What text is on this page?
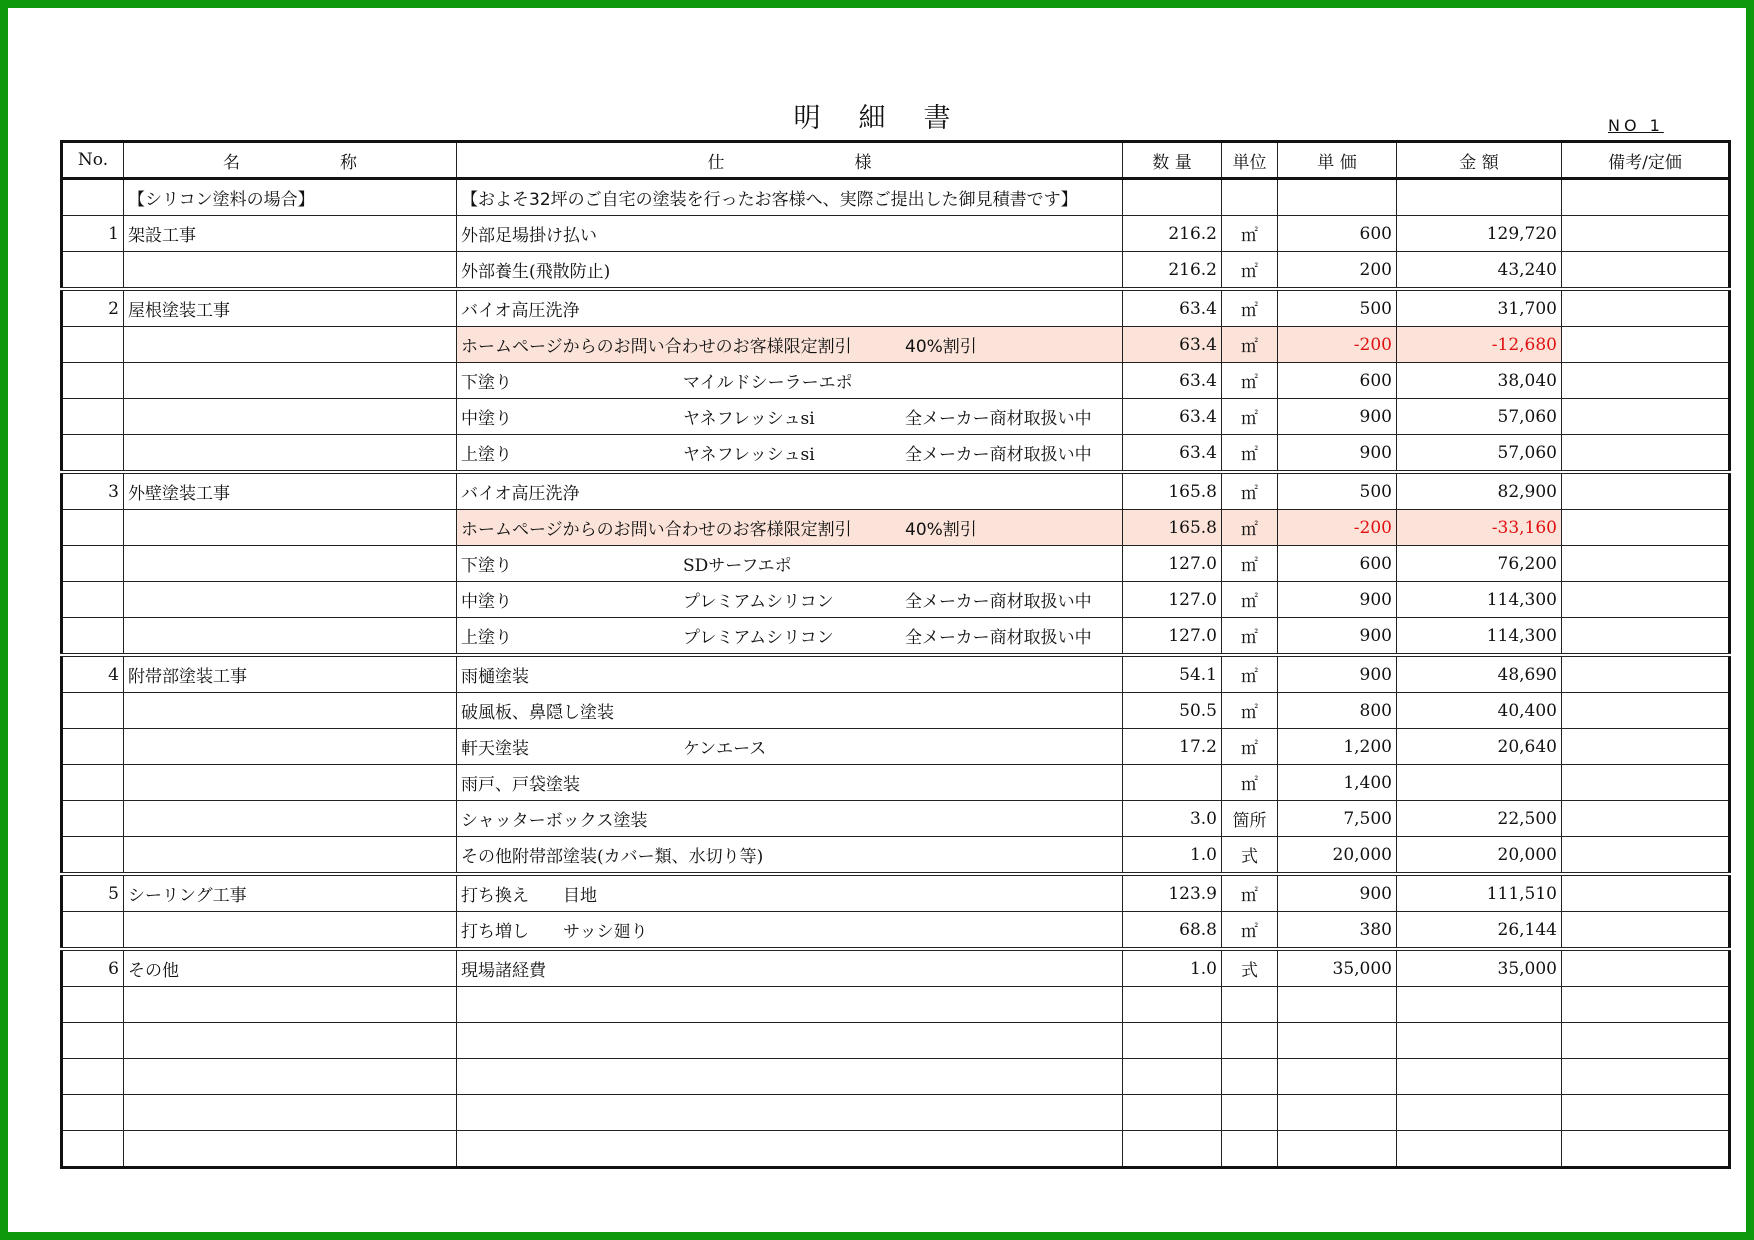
明 細 書	NO 1
No.	名 称	仕 様	数 量	単位	単 価	金 額	備考/定価
	【シリコン塗料の場合】	【およそ32坪のご自宅の塗装を行ったお客様へ、実際ご提出した御見積書です】					
1	架設工事	外部足場掛け払い	216.2	㎡	600	129,720	
		外部養生(飛散防止)	216.2	㎡	200	43,240	
2	屋根塗装工事	バイオ高圧洗浄	63.4	㎡	500	31,700	
		ホームページからのお問い合わせのお客様限定割引 40%割引	63.4	㎡	-200	-12,680	
		下塗り マイルドシーラーエポ	63.4	㎡	600	38,040	
		中塗り ヤネフレッシュsi 全メーカー商材取扱い中	63.4	㎡	900	57,060	
		上塗り ヤネフレッシュsi 全メーカー商材取扱い中	63.4	㎡	900	57,060	
3	外壁塗装工事	バイオ高圧洗浄	165.8	㎡	500	82,900	
		ホームページからのお問い合わせのお客様限定割引 40%割引	165.8	㎡	-200	-33,160	
		下塗り SDサーフエポ	127.0	㎡	600	76,200	
		中塗り プレミアムシリコン 全メーカー商材取扱い中	127.0	㎡	900	114,300	
		上塗り プレミアムシリコン 全メーカー商材取扱い中	127.0	㎡	900	114,300	
4	附帯部塗装工事	雨樋塗装	54.1	㎡	900	48,690	
		破風板、鼻隠し塗装	50.5	㎡	800	40,400	
		軒天塗装 ケンエース	17.2	㎡	1,200	20,640	
		雨戸、戸袋塗装		㎡	1,400		
		シャッターボックス塗装	3.0	箇所	7,500	22,500	
		その他附帯部塗装(カバー類、水切り等)	1.0	式	20,000	20,000	
5	シーリング工事	打ち換え　　目地	123.9	㎡	900	111,510	
		打ち増し　　サッシ廻り	68.8	㎡	380	26,144	
6	その他	現場諸経費	1.0	式	35,000	35,000	
